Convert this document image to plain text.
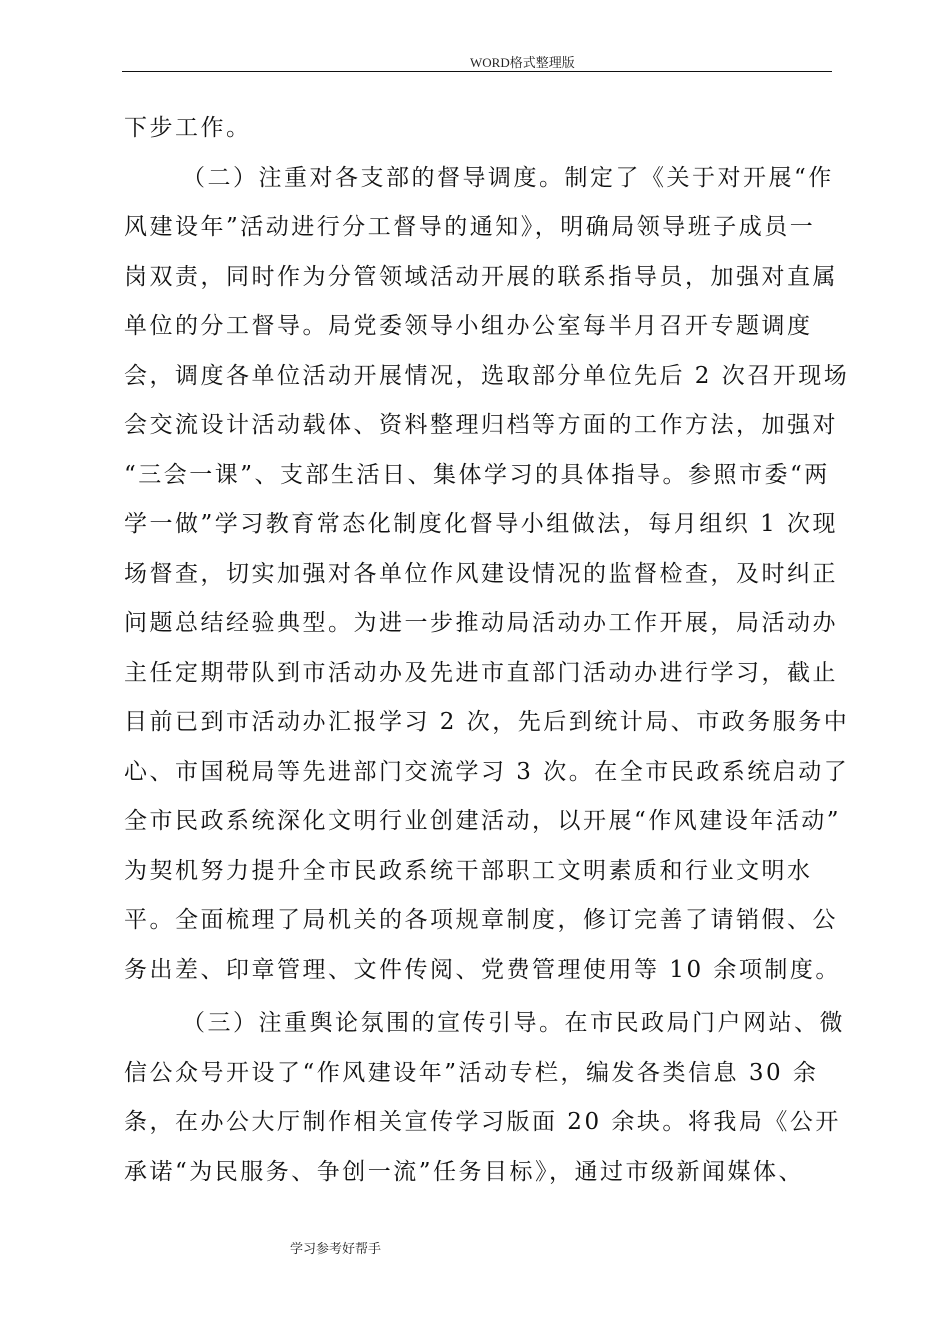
WORD格式整理版
下步工作。
（二）注重对各支部的督导调度。制定了《关于对开展“作
风建设年”活动进行分工督导的通知》，明确局领导班子成员一
岗双责，同时作为分管领域活动开展的联系指导员，加强对直属
单位的分工督导。局党委领导小组办公室每半月召开专题调度
会，调度各单位活动开展情况，选取部分单位先后 2 次召开现场
会交流设计活动载体、资料整理归档等方面的工作方法，加强对
“三会一课”、支部生活日、集体学习的具体指导。参照市委“两
学一做”学习教育常态化制度化督导小组做法，每月组织 1 次现
场督查，切实加强对各单位作风建设情况的监督检查，及时纠正
问题总结经验典型。为进一步推动局活动办工作开展，局活动办
主任定期带队到市活动办及先进市直部门活动办进行学习，截止
目前已到市活动办汇报学习 2 次，先后到统计局、市政务服务中
心、市国税局等先进部门交流学习 3 次。在全市民政系统启动了
全市民政系统深化文明行业创建活动，以开展“作风建设年活动”
为契机努力提升全市民政系统干部职工文明素质和行业文明水
平。全面梳理了局机关的各项规章制度，修订完善了请销假、公
务出差、印章管理、文件传阅、党费管理使用等 10 余项制度。
（三）注重舆论氛围的宣传引导。在市民政局门户网站、微
信公众号开设了“作风建设年”活动专栏，编发各类信息 30 余
条，在办公大厅制作相关宣传学习版面 20 余块。将我局《公开
承诺“为民服务、争创一流”任务目标》，通过市级新闻媒体、
学习参考好帮手
